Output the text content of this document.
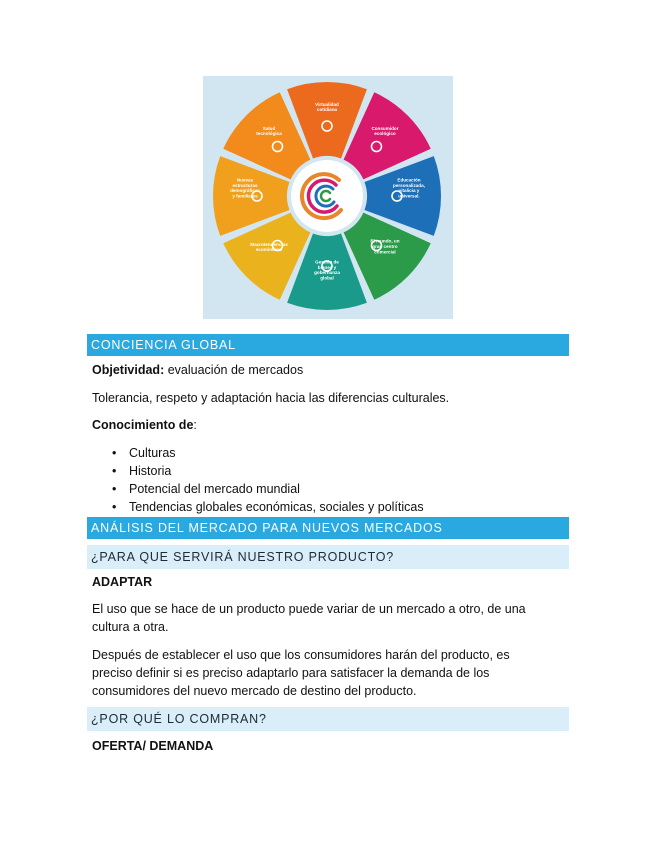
Virtualidad cotidiana
Consumidor ecológico
Educación personalizada, vitalicia y universal.
El mundo, un gran centro comercial
Gestión de bienes y gobernanza global
Macrotendencias económicas
Nuevas estructuras demográficas y familiares
Salud tecnológica
CONCIENCIA GLOBAL
Objetividad: evaluación de mercados
Tolerancia, respeto y adaptación hacia las diferencias culturales.
Conocimiento de:
• Culturas
• Historia
• Potencial del mercado mundial
• Tendencias globales económicas, sociales y políticas
ANÁLISIS DEL MERCADO PARA NUEVOS MERCADOS
¿PARA QUE SERVIRÁ NUESTRO PRODUCTO?
ADAPTAR
El uso que se hace de un producto puede variar de un mercado a otro, de una
cultura a otra.
Después de establecer el uso que los consumidores harán del producto, es
preciso definir si es preciso adaptarlo para satisfacer la demanda de los
consumidores del nuevo mercado de destino del producto.
¿POR QUÉ LO COMPRAN?
OFERTA/ DEMANDA
